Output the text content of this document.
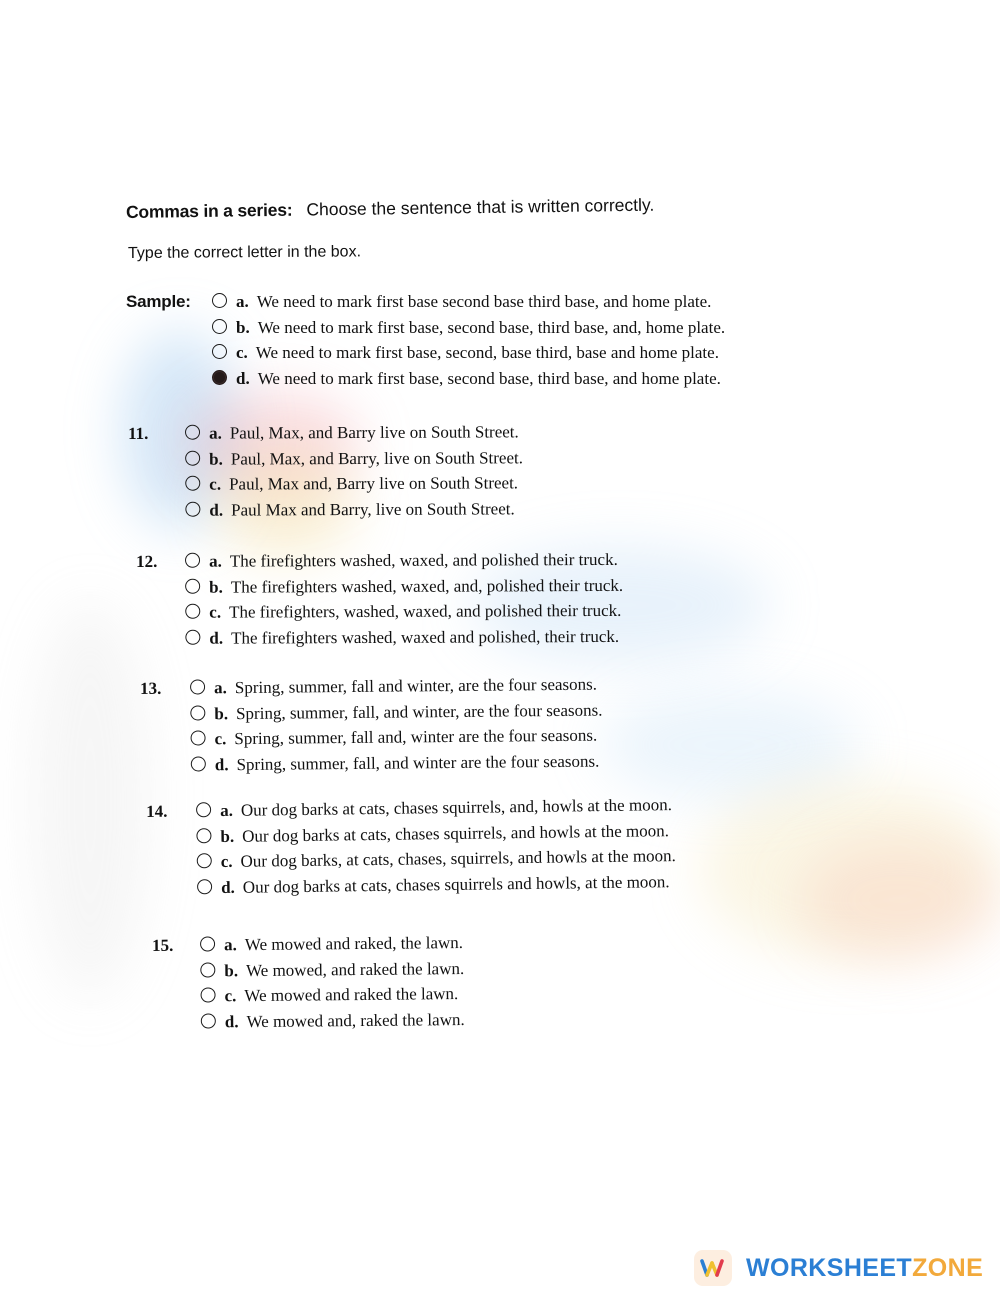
Commas in a series: Choose the sentence that is written correctly.
Type the correct letter in the box.
Sample:	a. We need to mark first base second base third base, and home plate.
b. We need to mark first base, second base, third base, and, home plate.
c. We need to mark first base, second, base third, base and home plate.
d. We need to mark first base, second base, third base, and home plate.
11.	a. Paul, Max, and Barry live on South Street.
b. Paul, Max, and Barry, live on South Street.
c. Paul, Max and, Barry live on South Street.
d. Paul Max and Barry, live on South Street.
12.	a. The firefighters washed, waxed, and polished their truck.
b. The firefighters washed, waxed, and, polished their truck.
c. The firefighters, washed, waxed, and polished their truck.
d. The firefighters washed, waxed and polished, their truck.
13.	a. Spring, summer, fall and winter, are the four seasons.
b. Spring, summer, fall, and winter, are the four seasons.
c. Spring, summer, fall and, winter are the four seasons.
d. Spring, summer, fall, and winter are the four seasons.
14.	a. Our dog barks at cats, chases squirrels, and, howls at the moon.
b. Our dog barks at cats, chases squirrels, and howls at the moon.
c. Our dog barks, at cats, chases, squirrels, and howls at the moon.
d. Our dog barks at cats, chases squirrels and howls, at the moon.
15.	a. We mowed and raked, the lawn.
b. We mowed, and raked the lawn.
c. We mowed and raked the lawn.
d. We mowed and, raked the lawn.
WORKSHEETZONE
